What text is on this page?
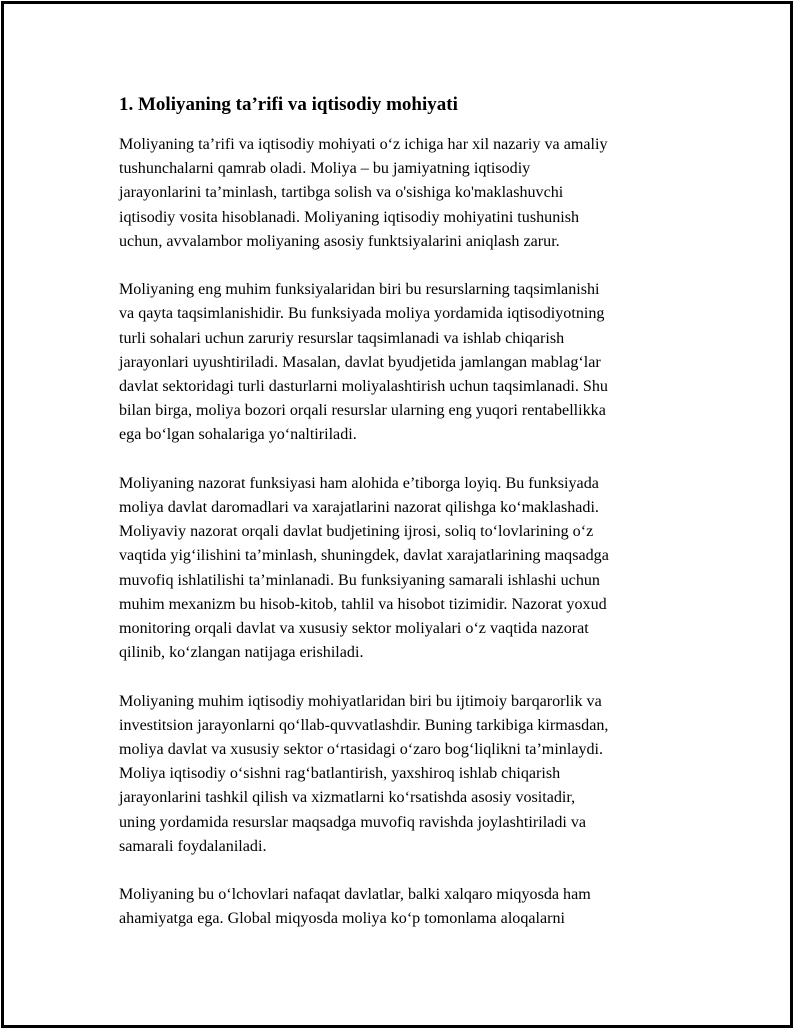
1. Moliyaning ta’rifi va iqtisodiy mohiyati
Moliyaning ta’rifi va iqtisodiy mohiyati o‘z ichiga har xil nazariy va amaliy
tushunchalarni qamrab oladi. Moliya – bu jamiyatning iqtisodiy
jarayonlarini ta’minlash, tartibga solish va o'sishiga ko'maklashuvchi
iqtisodiy vosita hisoblanadi. Moliyaning iqtisodiy mohiyatini tushunish
uchun, avvalambor moliyaning asosiy funktsiyalarini aniqlash zarur.
Moliyaning eng muhim funksiyalaridan biri bu resurslarning taqsimlanishi
va qayta taqsimlanishidir. Bu funksiyada moliya yordamida iqtisodiyotning
turli sohalari uchun zaruriy resurslar taqsimlanadi va ishlab chiqarish
jarayonlari uyushtiriladi. Masalan, davlat byudjetida jamlangan mablag‘lar
davlat sektoridagi turli dasturlarni moliyalashtirish uchun taqsimlanadi. Shu
bilan birga, moliya bozori orqali resurslar ularning eng yuqori rentabellikka
ega bo‘lgan sohalariga yo‘naltiriladi.
Moliyaning nazorat funksiyasi ham alohida e’tiborga loyiq. Bu funksiyada
moliya davlat daromadlari va xarajatlarini nazorat qilishga ko‘maklashadi.
Moliyaviy nazorat orqali davlat budjetining ijrosi, soliq to‘lovlarining o‘z
vaqtida yig‘ilishini ta’minlash, shuningdek, davlat xarajatlarining maqsadga
muvofiq ishlatilishi ta’minlanadi. Bu funksiyaning samarali ishlashi uchun
muhim mexanizm bu hisob-kitob, tahlil va hisobot tizimidir. Nazorat yoxud
monitoring orqali davlat va xususiy sektor moliyalari o‘z vaqtida nazorat
qilinib, ko‘zlangan natijaga erishiladi.
Moliyaning muhim iqtisodiy mohiyatlaridan biri bu ijtimoiy barqarorlik va
investitsion jarayonlarni qo‘llab-quvvatlashdir. Buning tarkibiga kirmasdan,
moliya davlat va xususiy sektor o‘rtasidagi o‘zaro bog‘liqlikni ta’minlaydi.
Moliya iqtisodiy o‘sishni rag‘batlantirish, yaxshiroq ishlab chiqarish
jarayonlarini tashkil qilish va xizmatlarni ko‘rsatishda asosiy vositadir,
uning yordamida resurslar maqsadga muvofiq ravishda joylashtiriladi va
samarali foydalaniladi.
Moliyaning bu o‘lchovlari nafaqat davlatlar, balki xalqaro miqyosda ham
ahamiyatga ega. Global miqyosda moliya ko‘p tomonlama aloqalarni
